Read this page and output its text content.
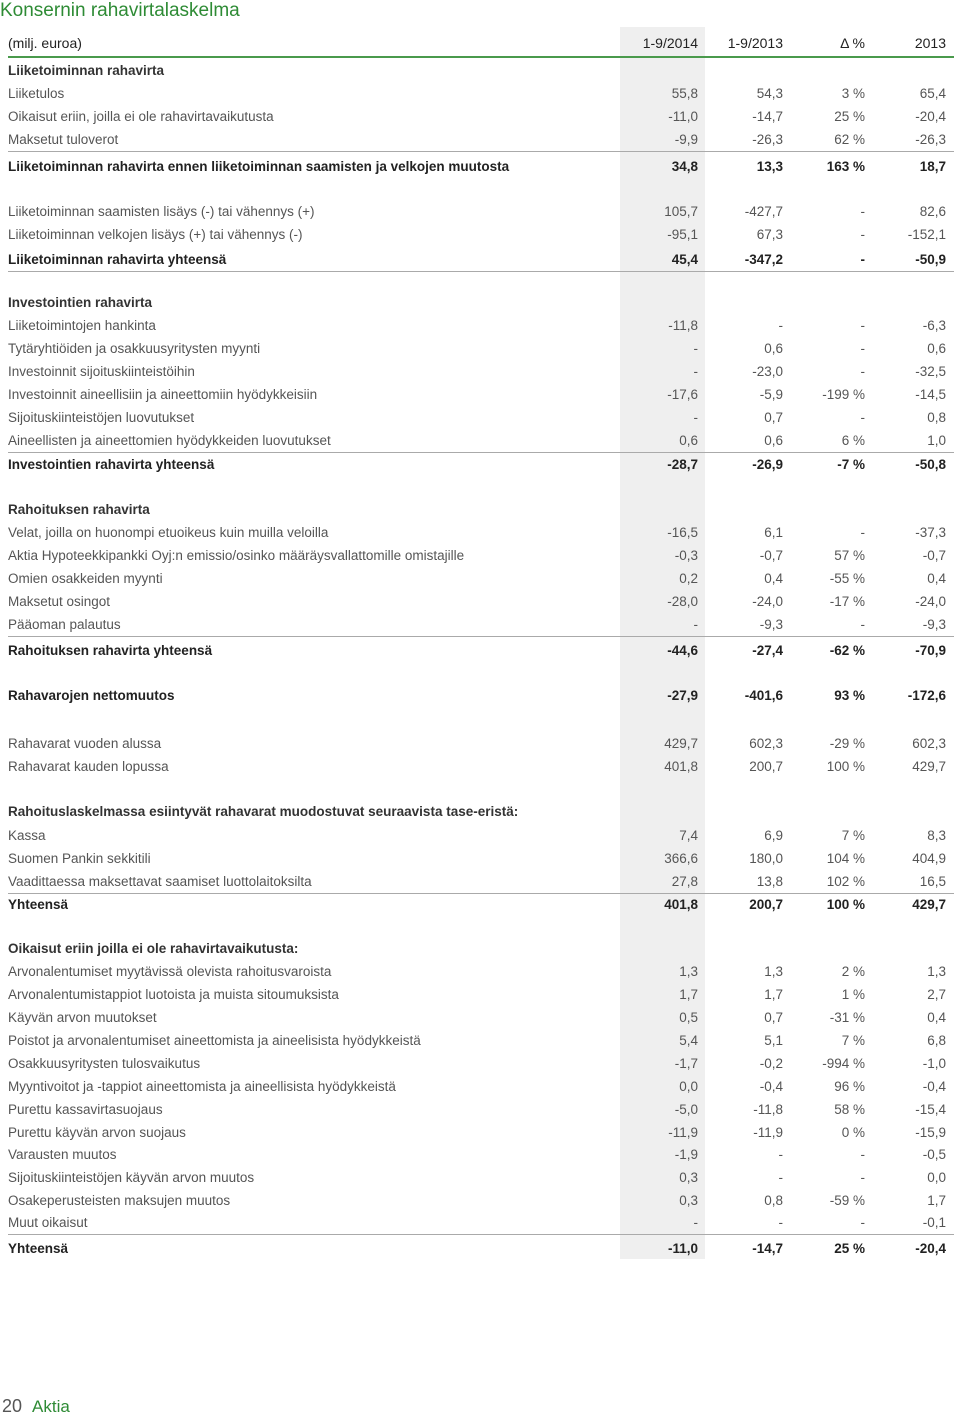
Konsernin rahavirtalaskelma
(milj. euroa)	1-9/2014	1-9/2013	Δ %	2013
Liiketoiminnan rahavirta
Liiketulos	55,8	54,3	3 %	65,4
Oikaisut eriin, joilla ei ole rahavirtavaikutusta	-11,0	-14,7	25 %	-20,4
Maksetut tuloverot	-9,9	-26,3	62 %	-26,3
Liiketoiminnan rahavirta ennen liiketoiminnan saamisten ja velkojen muutosta	34,8	13,3	163 %	18,7
Liiketoiminnan saamisten lisäys (-) tai vähennys (+)	105,7	-427,7	-	82,6
Liiketoiminnan velkojen lisäys (+) tai vähennys (-)	-95,1	67,3	-	-152,1
Liiketoiminnan rahavirta yhteensä	45,4	-347,2	-	-50,9
Investointien rahavirta
Liiketoimintojen hankinta	-11,8	-	-	-6,3
Tytäryhtiöiden ja osakkuusyritysten myynti	-	0,6	-	0,6
Investoinnit sijoituskiinteistöihin	-	-23,0	-	-32,5
Investoinnit aineellisiin ja aineettomiin hyödykkeisiin	-17,6	-5,9	-199 %	-14,5
Sijoituskiinteistöjen luovutukset	-	0,7	-	0,8
Aineellisten ja aineettomien hyödykkeiden luovutukset	0,6	0,6	6 %	1,0
Investointien rahavirta yhteensä	-28,7	-26,9	-7 %	-50,8
Rahoituksen rahavirta
Velat, joilla on huonompi etuoikeus kuin muilla veloilla	-16,5	6,1	-	-37,3
Aktia Hypoteekkipankki Oyj:n emissio/osinko määräysvallattomille omistajille	-0,3	-0,7	57 %	-0,7
Omien osakkeiden myynti	0,2	0,4	-55 %	0,4
Maksetut osingot	-28,0	-24,0	-17 %	-24,0
Pääoman palautus	-	-9,3	-	-9,3
Rahoituksen rahavirta yhteensä	-44,6	-27,4	-62 %	-70,9
Rahavarojen nettomuutos	-27,9	-401,6	93 %	-172,6
Rahavarat vuoden alussa	429,7	602,3	-29 %	602,3
Rahavarat kauden lopussa	401,8	200,7	100 %	429,7
Rahoituslaskelmassa esiintyvät rahavarat muodostuvat seuraavista tase-eristä:
Kassa	7,4	6,9	7 %	8,3
Suomen Pankin sekkitili	366,6	180,0	104 %	404,9
Vaadittaessa maksettavat saamiset luottolaitoksilta	27,8	13,8	102 %	16,5
Yhteensä	401,8	200,7	100 %	429,7
Oikaisut eriin joilla ei ole rahavirtavaikutusta:
Arvonalentumiset myytävissä olevista rahoitusvaroista	1,3	1,3	2 %	1,3
Arvonalentumistappiot luotoista ja muista sitoumuksista	1,7	1,7	1 %	2,7
Käyvän arvon muutokset	0,5	0,7	-31 %	0,4
Poistot ja arvonalentumiset aineettomista ja aineelisista hyödykkeistä	5,4	5,1	7 %	6,8
Osakkuusyritysten tulosvaikutus	-1,7	-0,2	-994 %	-1,0
Myyntivoitot ja -tappiot aineettomista ja aineellisista hyödykkeistä	0,0	-0,4	96 %	-0,4
Purettu kassavirtasuojaus	-5,0	-11,8	58 %	-15,4
Purettu käyvän arvon suojaus	-11,9	-11,9	0 %	-15,9
Varausten muutos	-1,9	-	-	-0,5
Sijoituskiinteistöjen käyvän arvon muutos	0,3	-	-	0,0
Osakeperusteisten maksujen muutos	0,3	0,8	-59 %	1,7
Muut oikaisut	-	-	-	-0,1
Yhteensä	-11,0	-14,7	25 %	-20,4
20 Aktia
